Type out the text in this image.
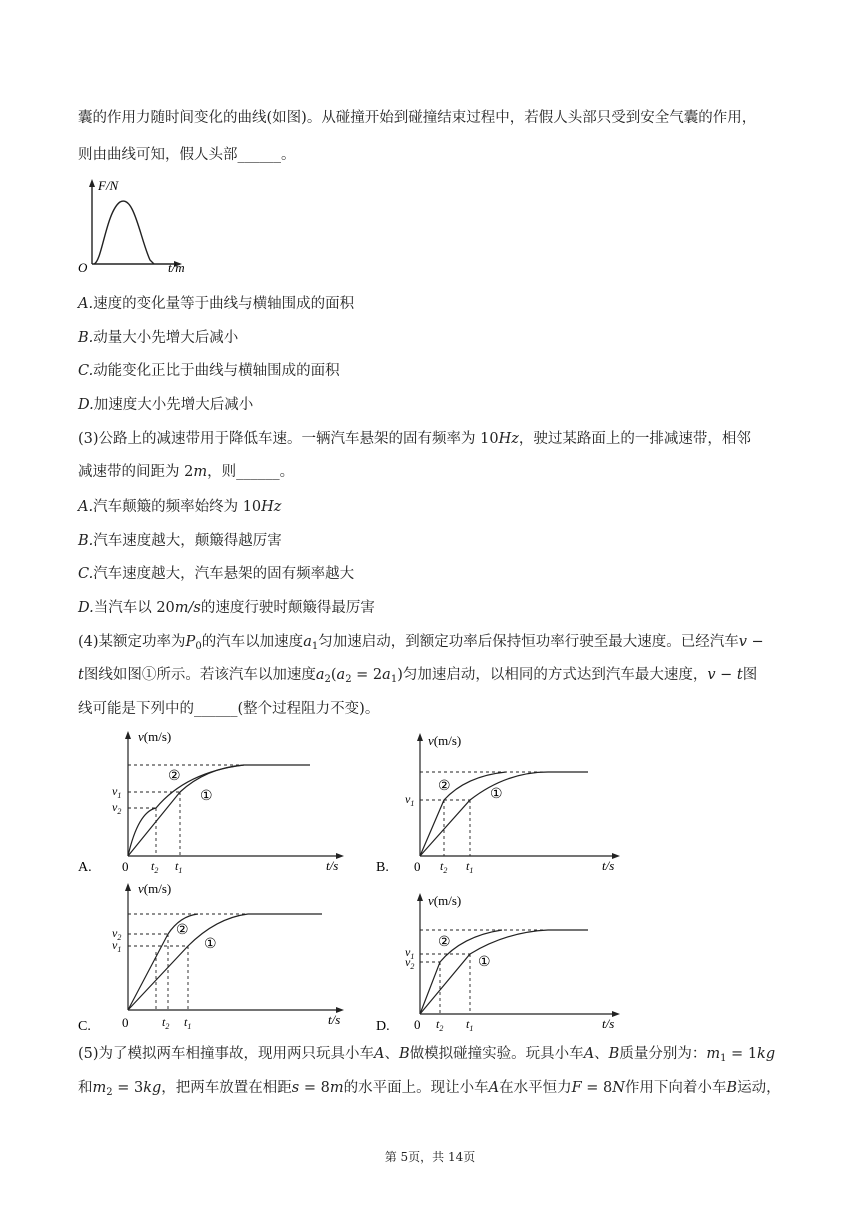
囊的作用力随时间变化的曲线(如图)。从碰撞开始到碰撞结束过程中，若假人头部只受到安全气囊的作用，
则由曲线可知，假人头部______。
F/N
O	t/m
A.速度的变化量等于曲线与横轴围成的面积
B.动量大小先增大后减小
C.动能变化正比于曲线与横轴围成的面积
D.加速度大小先增大后减小
(3)公路上的减速带用于降低车速。一辆汽车悬架的固有频率为 10Hz，驶过某路面上的一排减速带，相邻
减速带的间距为 2m，则______。
A.汽车颠簸的频率始终为 10Hz
B.汽车速度越大，颠簸得越厉害
C.汽车速度越大，汽车悬架的固有频率越大
D.当汽车以 20m/s的速度行驶时颠簸得最厉害
(4)某额定功率为$P_0$的汽车以加速度$a_1$匀加速启动，到额定功率后保持恒功率行驶至最大速度。已经汽车v −
t图线如图①所示。若该汽车以加速度$a_2(a_2 = 2a_1)$匀加速启动，以相同的方式达到汽车最大速度，v − t图
线可能是下列中的______(整个过程阻力不变)。
A.
v(m/s)
t/s
0
②
①
$v_1$
$v_2$
$t_2$ $t_1$	B.
v(m/s)
t/s
0
②
①
$v_1$
$t_2$ $t_1$
C.
v(m/s)
t/s
0
②
①
$v_2$
$v_1$
$t_2$ $t_1$	D.
v(m/s)
t/s
0
②
①
$v_1$
$v_2$
$t_2$ $t_1$
(5)为了模拟两车相撞事故，现用两只玩具小车A、B做模拟碰撞实验。玩具小车A、B质量分别为：$m_1 = 1kg$
和$m_2 = 3kg$，把两车放置在相距s = 8m的水平面上。现让小车A在水平恒力F = 8N作用下向着小车B运动，
第 5页，共 14页
